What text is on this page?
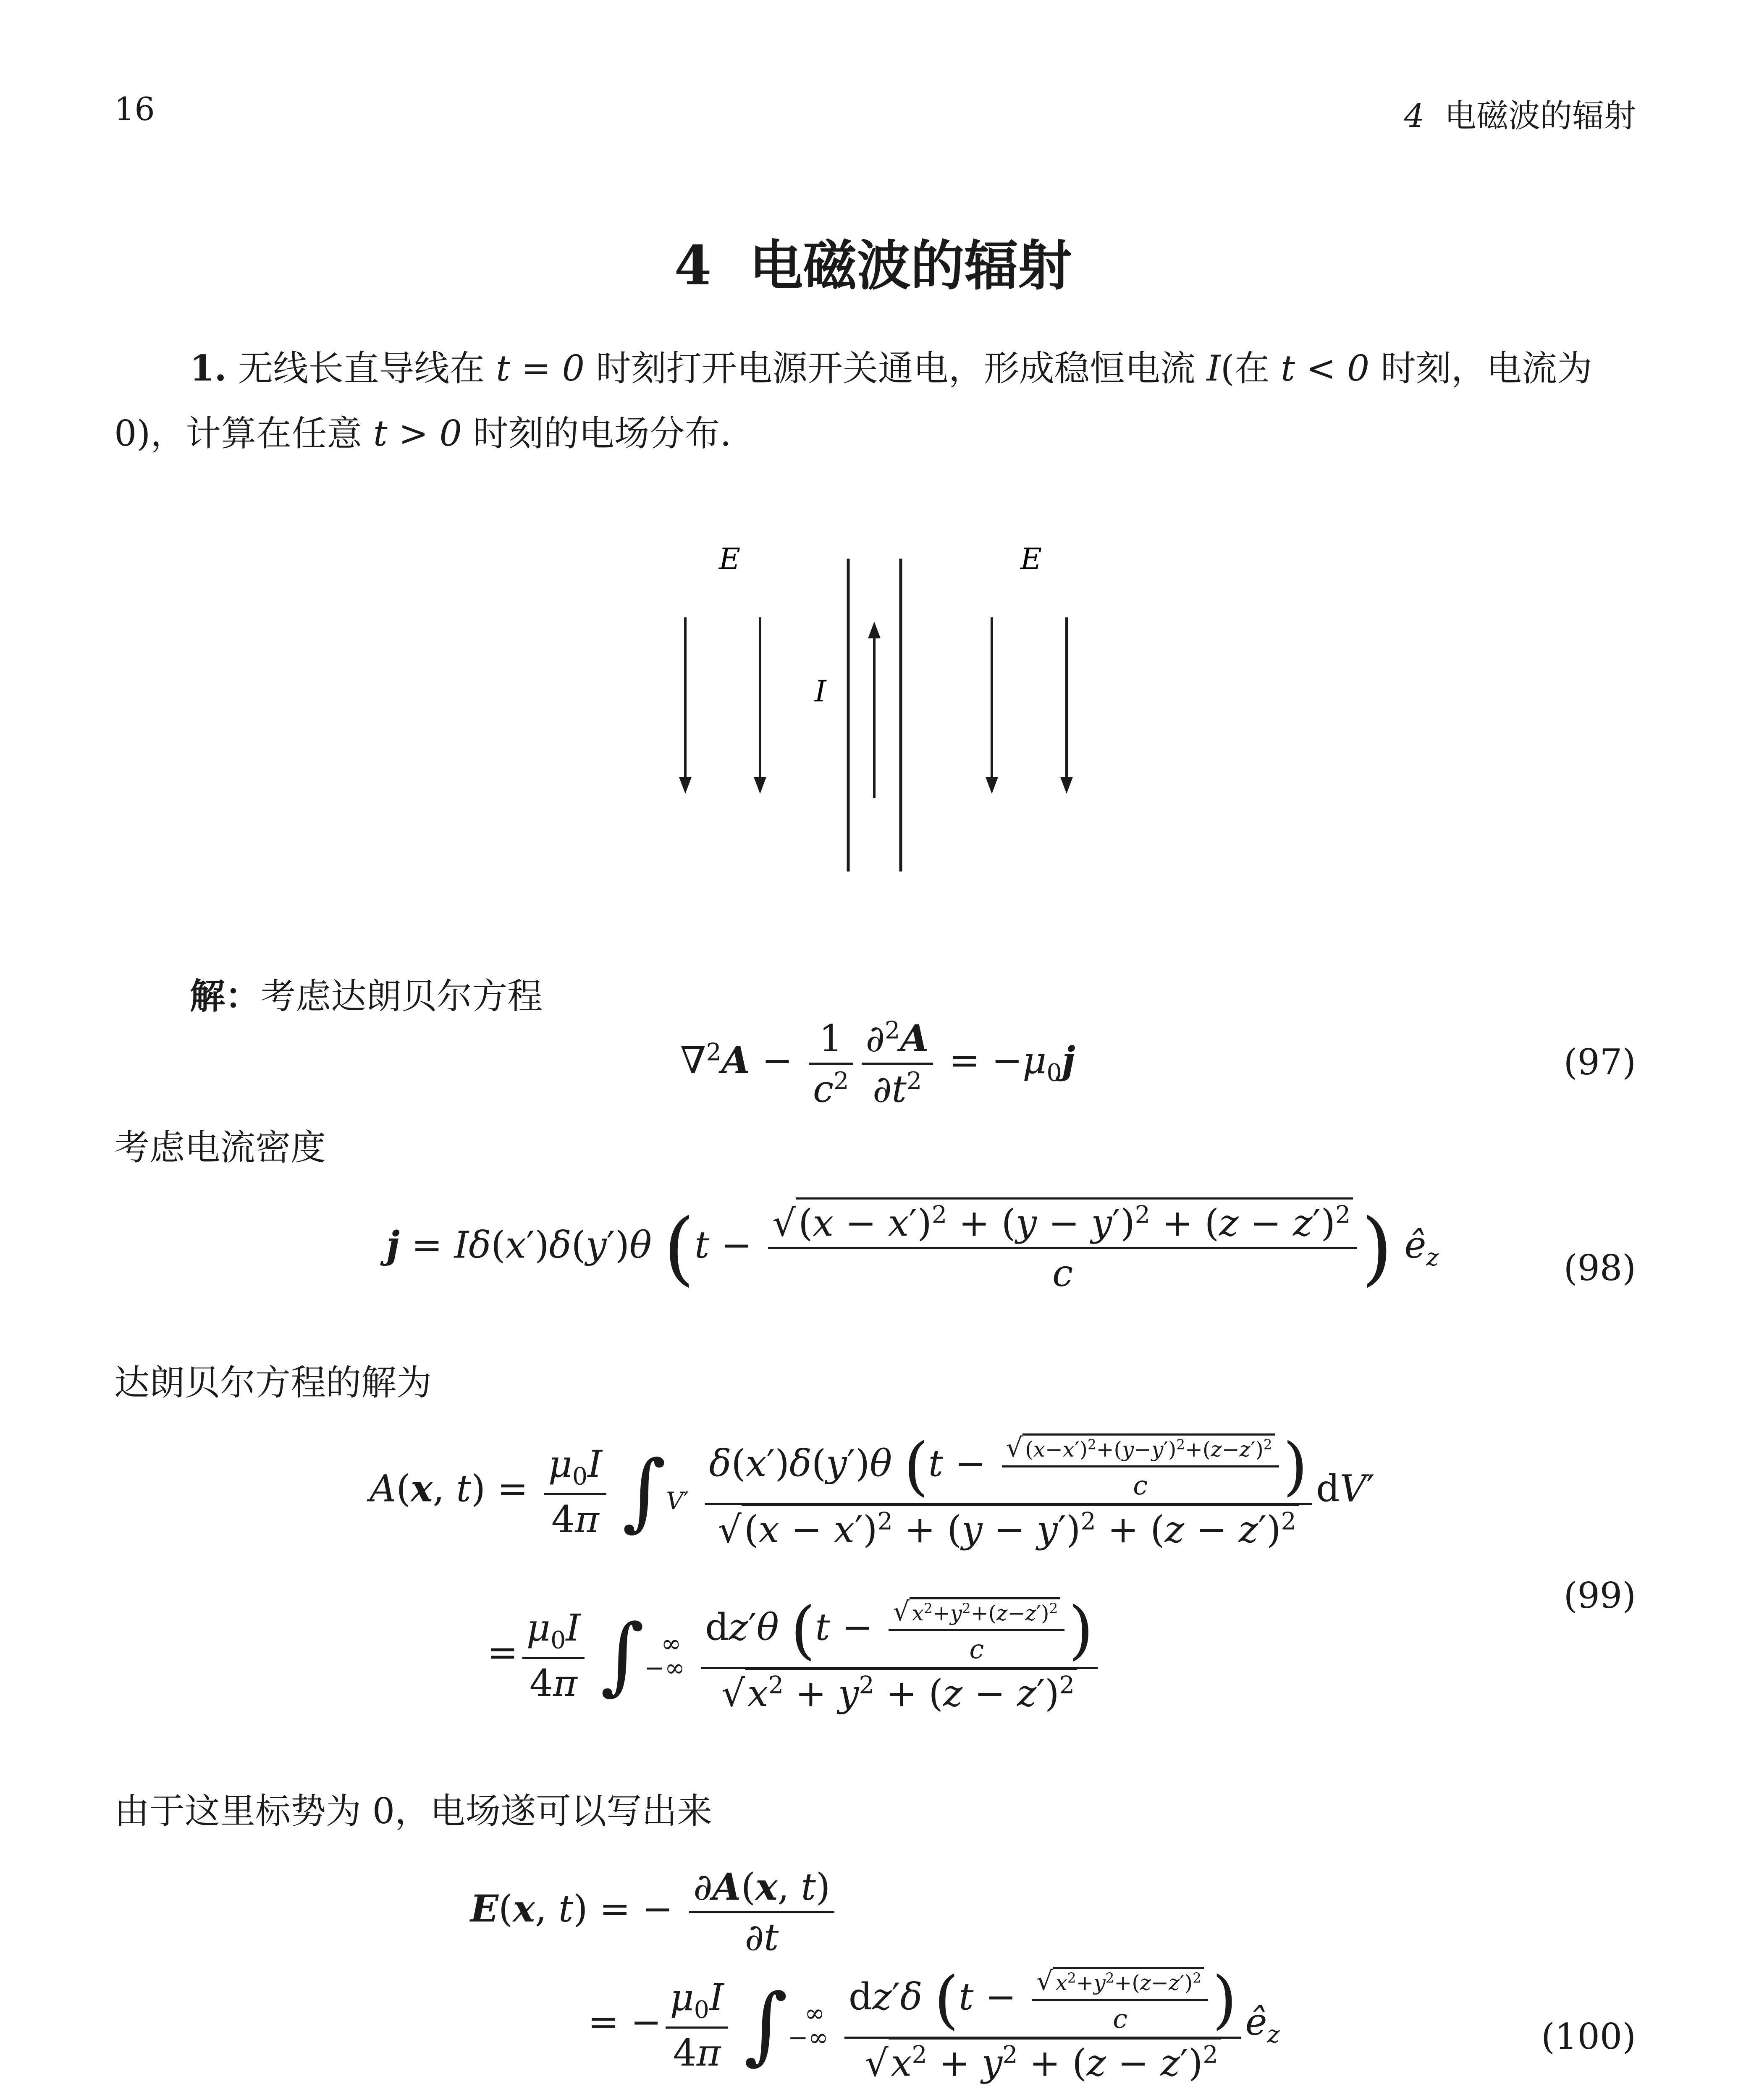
16	4 电磁波的辐射
4 电磁波的辐射
1. 无线长直导线在 t = 0 时刻打开电源开关通电，形成稳恒电流 I(在 t < 0 时刻，电流为
0)，计算在任意 t > 0 时刻的电场分布.
E	E
I
解：考虑达朗贝尔方程
$\nabla^2A - \frac{1}{c^2} \frac{\partial^2A}{\partial t^2} = -\mu_0j$	(97)
考虑电流密度
j = Iδ(x′)δ(y′)θ ($t - \frac{√(x - x')^2 + (y - y')^2 + (z - z')^2}{c}$ ) $ê_z$	(98)
达朗贝尔方程的解为
A(x, $t) = \frac{\mu_0I}{4\pi} \int_{V'} \frac{\delta(x')\delta(y')\theta (t - \frac{√ (x-x')^2+(y-y')^2+(z-z')^2}{c} )}{√(x - x')^2 + (y - y')^2 + (z - z')^2} dV'$
= $\frac{\mu_0I}{4\pi}$ ∫ ∞
−∞
$\frac{dz'\theta (t - \frac{√ x^2+y^2+(z-z')^2}{c} )}{√x^2 + y^2 + (z - z')^2}$
(99)
由于这里标势为 0，电场遂可以写出来
E(x, t) = − $\frac{\partial A(x, t)}{\partial t}$
= − $\frac{\mu_0I}{4\pi}$ ∫ ∞
−∞
$\frac{dz'\delta (t - \frac{√ x^2+y^2+(z-z')^2}{c} )}{√x^2 + y^2 + (z - z')^2}$ $ê_z$
	(100)
